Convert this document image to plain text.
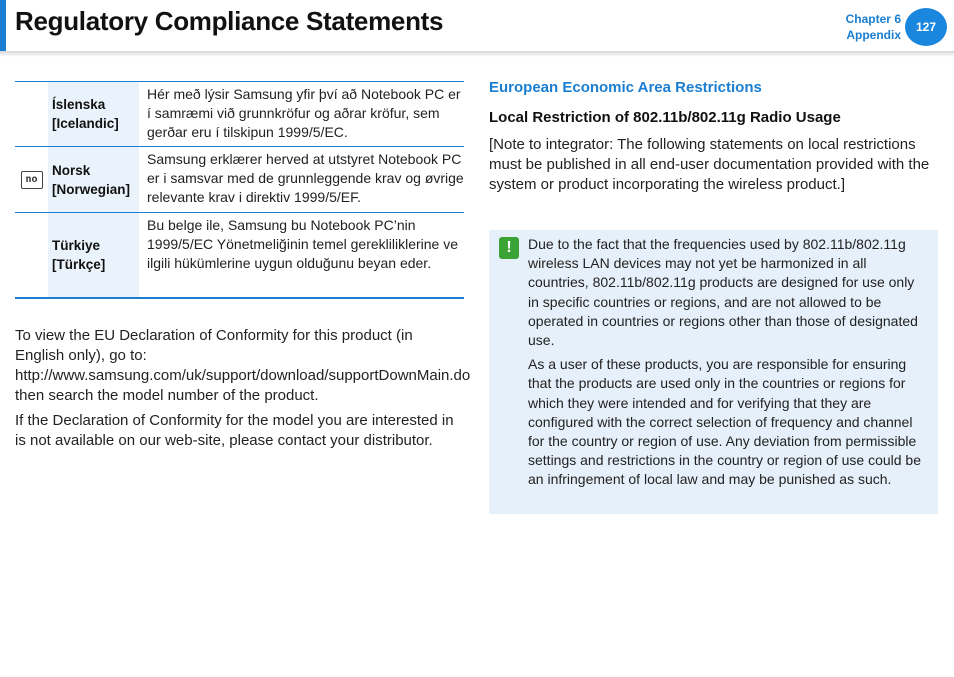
Regulatory Compliance Statements	Chapter 6
Appendix
127
Íslenska
[Icelandic]
Hér með lýsir Samsung yfir því að Notebook PC er í samræmi við grunnkröfur og aðrar kröfur, sem gerðar eru í tilskipun 1999/5/EC.
no
Norsk
[Norwegian]
Samsung erklærer herved at utstyret Notebook PC er i samsvar med de grunnleggende krav og øvrige relevante krav i direktiv 1999/5/EF.
Türkiye
[Türkçe]
Bu belge ile, Samsung bu Notebook PC’nin 1999/5/EC Yönetmeliğinin temel gerekliliklerine ve ilgili hükümlerine uygun olduğunu beyan eder.

To view the EU Declaration of Conformity for this product (in English only), go to: http://www.samsung.com/uk/support/download/supportDownMain.do then search the model number of the product.

If the Declaration of Conformity for the model you are interested in is not available on our web-site, please contact your distributor.

European Economic Area Restrictions
Local Restriction of 802.11b/802.11g Radio Usage

[Note to integrator: The following statements on local restrictions must be published in all end-user documentation provided with the system or product incorporating the wireless product.]

!	Due to the fact that the frequencies used by 802.11b/802.11g wireless LAN devices may not yet be harmonized in all countries, 802.11b/802.11g products are designed for use only in specific countries or regions, and are not allowed to be operated in countries or regions other than those of designated use.

As a user of these products, you are responsible for ensuring that the products are used only in the countries or regions for which they were intended and for verifying that they are configured with the correct selection of frequency and channel for the country or region of use. Any deviation from permissible settings and restrictions in the country or region of use could be an infringement of local law and may be punished as such.
